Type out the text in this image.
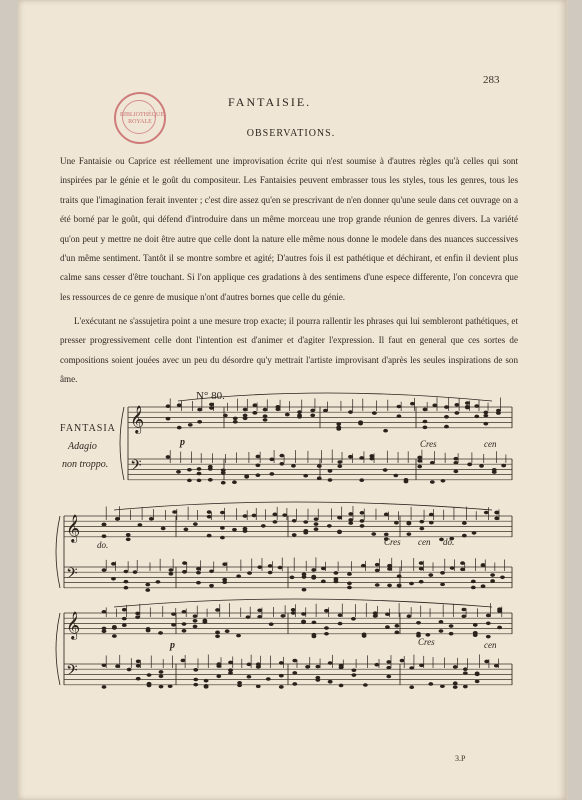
283
BIBLIOTHÈQUE ROYALE
FANTAISIE.
OBSERVATIONS.
Une Fantaisie ou Caprice est réellement une improvisation écrite qui n'est soumise à d'autres règles qu'à celles qui sont inspirées par le génie et le goût du compositeur. Les Fantaisies peuvent embrasser tous les styles, tous les genres, tous les traits que l'imagination ferait inventer ; c'est dire assez qu'en se prescrivant de n'en donner qu'une seule dans cet ouvrage on a été borné par le goût, qui défend d'introduire dans un même morceau une trop grande réunion de genres divers. La variété qu'on peut y mettre ne doit être autre que celle dont la nature elle même nous donne le modele dans des nuances successives d'un même sentiment. Tantôt il se montre sombre et agité; D'autres fois il est pathétique et déchirant, et enfin il devient plus calme sans cesser d'être touchant. Si l'on applique ces gradations à des sentimens d'une espece differente, l'on concevra que les ressources de ce genre de musique n'ont d'autres bornes que celle du génie.
L'exécutant ne s'assujetira point a une mesure trop exacte; il pourra rallentir les phrases qui lui sembleront pathétiques, et presser progressivement celle dont l'intention est d'animer et d'agiter l'expression. Il faut en general que ces sortes de compositions soient jouées avec un peu du désordre qu'y mettrait l'artiste improvisant d'après les seules inspirations de son âme.
𝄞
𝄢
𝄞
𝄢
𝄞
𝄢
N° 80.
FANTASIA
Adagio
non troppo.
p	Cres	cen
do.	Cres cen do.
p	Cres	cen
3.P
